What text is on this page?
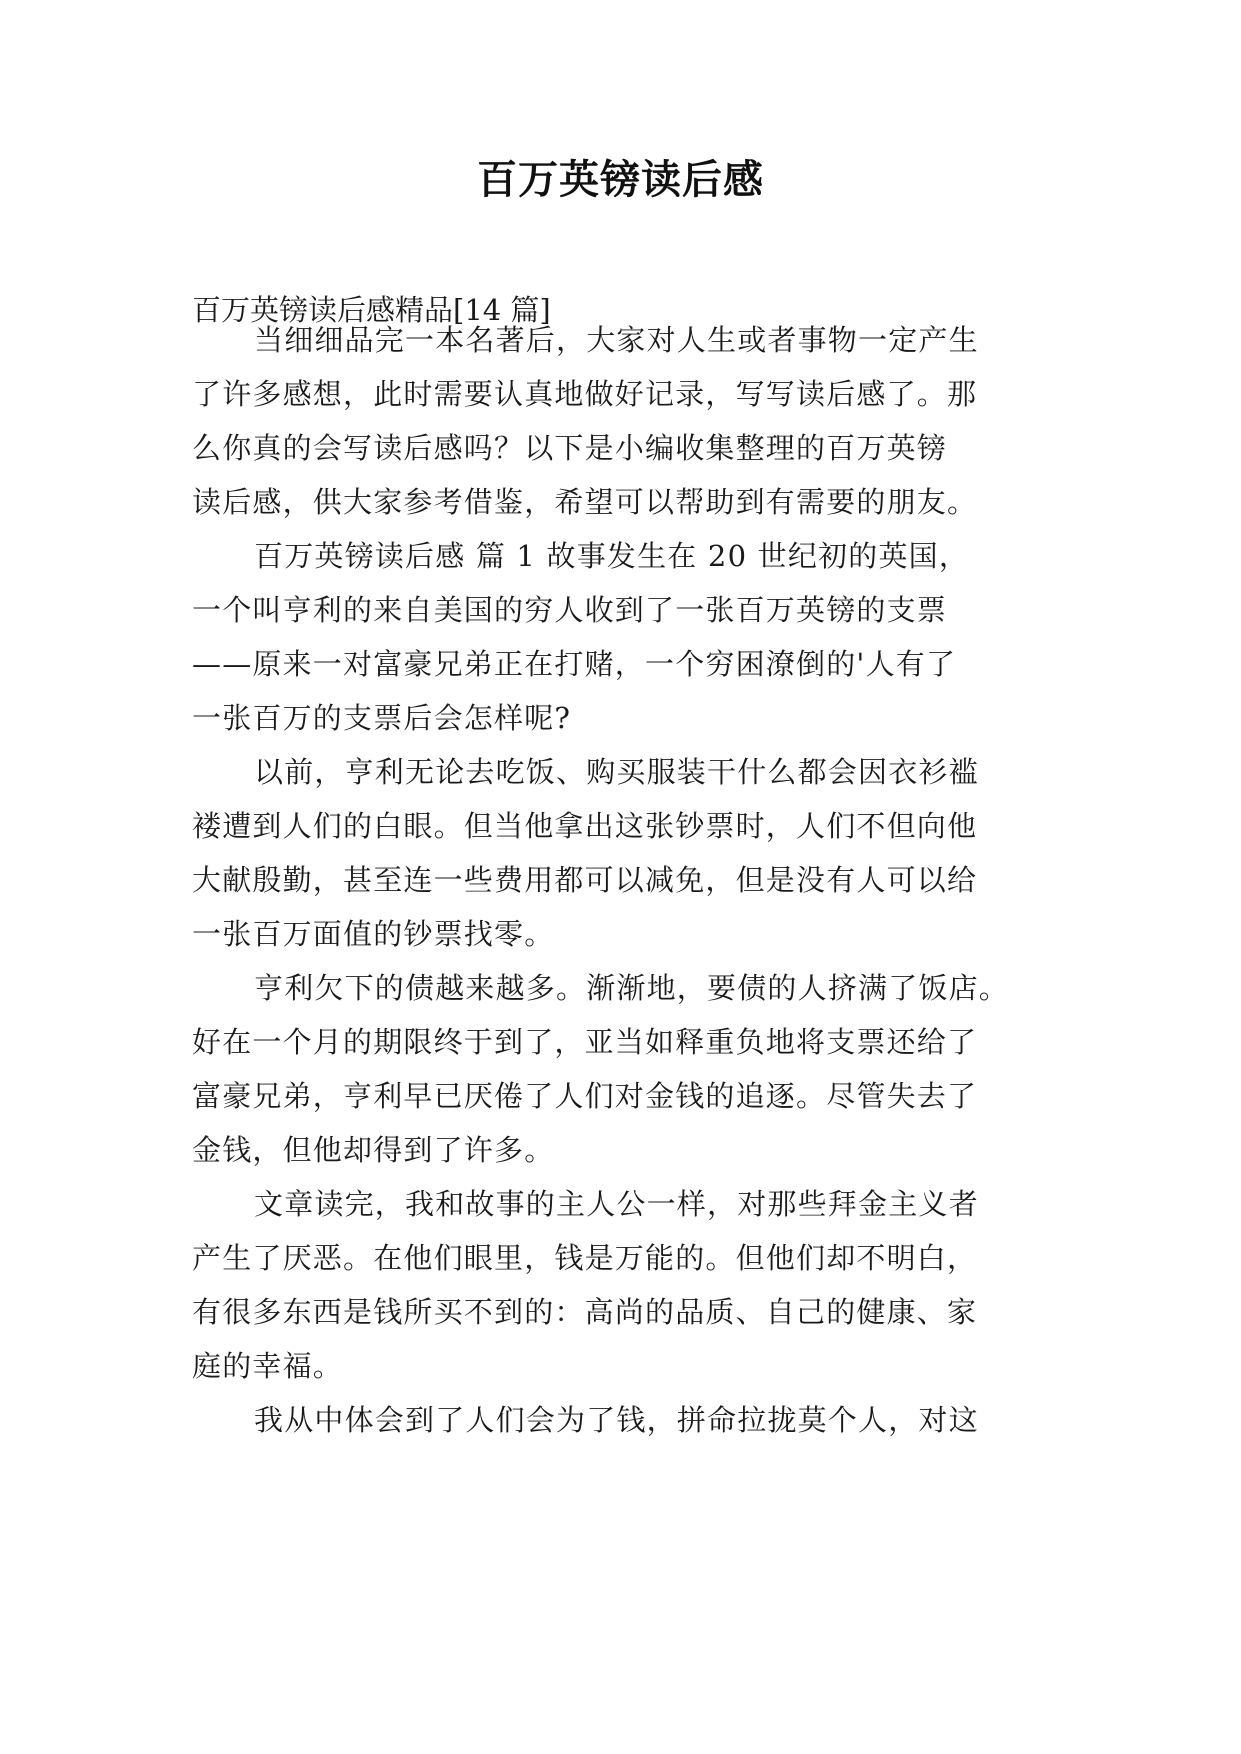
百万英镑读后感
百万英镑读后感精品[14 篇]
当细细品完一本名著后，大家对人生或者事物一定产生
了许多感想，此时需要认真地做好记录，写写读后感了。那
么你真的会写读后感吗？以下是小编收集整理的百万英镑
读后感，供大家参考借鉴，希望可以帮助到有需要的朋友。
百万英镑读后感 篇 1 故事发生在 20 世纪初的英国，
一个叫亨利的来自美国的穷人收到了一张百万英镑的支票
——原来一对富豪兄弟正在打赌，一个穷困潦倒的'人有了
一张百万的支票后会怎样呢?
以前，亨利无论去吃饭、购买服装干什么都会因衣衫褴
褛遭到人们的白眼。但当他拿出这张钞票时，人们不但向他
大献殷勤，甚至连一些费用都可以减免，但是没有人可以给
一张百万面值的钞票找零。
亨利欠下的债越来越多。渐渐地，要债的人挤满了饭店。
好在一个月的期限终于到了，亚当如释重负地将支票还给了
富豪兄弟，亨利早已厌倦了人们对金钱的追逐。尽管失去了
金钱，但他却得到了许多。
文章读完，我和故事的主人公一样，对那些拜金主义者
产生了厌恶。在他们眼里，钱是万能的。但他们却不明白，
有很多东西是钱所买不到的：高尚的品质、自己的健康、家
庭的幸福。
我从中体会到了人们会为了钱，拼命拉拢莫个人，对这
